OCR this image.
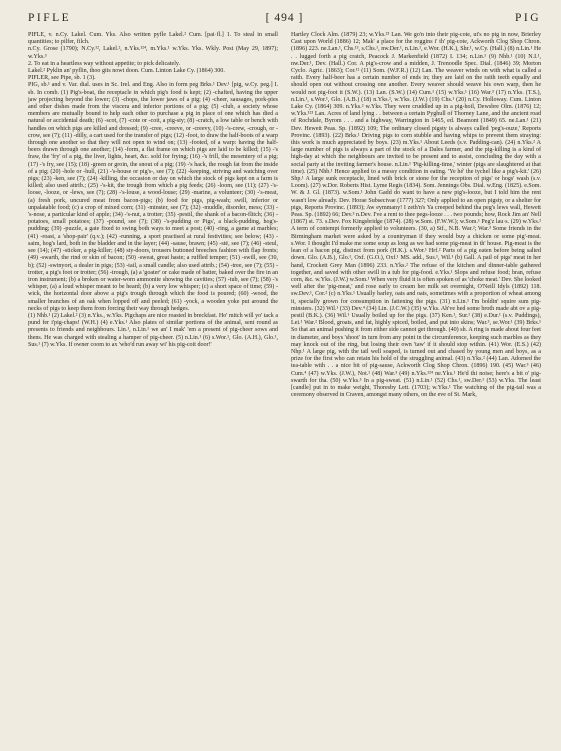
PIFLE	[ 494 ]	PIG
PIFLE, v. n.Cy. Lakel. Cum. Yks. Also written pyfle Lakel.² Cum. [pai·fl.] 1. To steal in small quantities; to pilfer, filch.
n.Cy. Grose (1790); N.Cy.¹², Lakel.², n.Yks.¹²⁴, m.Yks.¹ w.Yks. Yks. Wkly. Post (May 29, 1897); w.Yks.³
2. To eat in a heartless way without appetite; to pick delicately.
Lakel.² Pyklin an' pyflin, thoo gits nowt doon. Cum. Linton Lake Cy. (1864) 300.
PIFLER, see Pipe, sb. 1 (3).
PIG, sb.¹ and v. Var. dial. uses in Sc. Irel. and Eng. Also in form peg Brks.¹ Dev.¹ [pig, w.Cy. peg.] I. sb. In comb. (1) Pig's-boat, the receptacle in which pig's food is kept; (2) -chafted, having the upper jaw projecting beyond the lower; (3) -chops, the lower jaws of a pig; (4) -cheer, sausages, pork-pies and other dishes made from the viscera and inferior portions of a pig; (5) -club, a society whose members are mutually bound to help each other to purchase a pig in place of one which has died a natural or accidental death; (6) -scot, (7) -cote or -coit, a pig-sty; (8) -cratch, a low table or bench with handles on which pigs are killed and dressed; (9) -cree, -creeve, or -creevy, (10) -'s-crew, -crough, or -crow, see (7); (11) -dilly, a cart used for the transfer of pigs; (12) -foot, to draw the half-boots of a warp through one another so that they will not open to wind on; (13) -footed, of a warp: having the half-beers drawn through one another; (14) -form, a flat frame on which pigs are laid to be killed; (15) -'s fraw, the 'fry' of a pig, the liver, lights, heart, &c. sold for frying; (16) -'s frill, the mesentery of a pig; (17) -'s fry, see (15); (18) -green or groin, the snout of a pig; (19) -'s hack, the rough fat from the inside of a pig; (20) -hole or -hull, (21) -'s-house or pig's-, see (7); (22) -keeping, striving and watching over pigs; (23) -ken, see (7); (24) -killing, the occasion or day on which the stock of pigs kept on a farm is killed; also used attrib.; (25) -'s-kit, the trough from which a pig feeds; (26) -loom, see (11); (27) -'s-loose, -looze, or -lews, see (7); (28) -'s-louse, a wood-louse; (29) -marine, a volunteer; (30) -'s-meat, (a) fresh pork, uncured meat from bacon-pigs; (b) food for pigs, pig-wash; swill, inferior or unpalatable food; (c) a crop of mixed corn; (31) -minster, see (7); (32) -muddle, disorder, mess; (33) -'s-nose, a particular kind of apple; (34) -'s-nut, a trotter; (35) -pestil, the shank of a bacon-flitch; (36) -potatoes, small potatoes; (37) -pound, see (7); (38) -'s-pudding or Pigs', a black-pudding, hog's-pudding; (39) -puzzle, a gate fixed to swing both ways to meet a post; (40) -ring, a game at marbles; (41) -roast, a 'shop-pair' (q.v.); (42) -running, a sport practised at rural festivities; see below; (43) -saim, hog's lard, both in the bladder and in the layer; (44) -sause, brawn; (45) -stē, see (7); (46) -steul, see (14); (47) -sticker, a pig-killer; (48) sty-doors, trousers buttoned breeches fashion with flap fronts; (49) -swarth, the rind or skin of bacon; (50) -sweat, great haste; a ruffled temper; (51) -swill, see (30, b); (52) -swinyort, a dealer in pigs; (53) -tail, a small candle; also used attrib.; (54) -tree, see (7); (55) -trotter, a pig's foot or trotter; (56) -trough, (a) a 'goater' or cake made of batter, baked over the fire in an iron instrument; (b) a broken or water-worn ammonite showing the cavities; (57) -tub, see (7); (58) -'s whisper, (a) a loud whisper meant to be heard; (b) a very low whisper; (c) a short space of time; (59) -wick, the horizontal door above a pig's trough through which the food is poured; (60) -wood, the smaller branches of an oak when lopped off and peeled; (61) -yock, a wooden yoke put around the necks of pigs to keep them from forcing their way through hedges.
(1) Nhb.¹ (2) Lakel.² (3) n.Yks., w.Yks. Pigchaps are nice roasted in breckfast. Ho' mitch will yo' tack a pund fer i'pig-chaps! (W.H.) (4) e.Yks.¹ Also plates of similar portions of the animal, sent round as presents to friends and neighbours. Lin.¹, n.Lin.¹ we an' I mak' 'em a present of pig-cheer sows and thens. He was charged with stealing a hamper of pig-cheer. (5) n.Lin.¹ (6) s.Wor.¹, Glo. (A.H.), Glo.¹, Sus.¹ (7) w.Yks. If owner coom to ax 'who'd run away wi' his pig-coit door!'
Hartley Clock Alm. (1879) 23; w.Yks.²³ Lan. We go'n into their pig-cote, ut's no pig in now, Brierley Cast upon World (1886) 12; Mak' a place for the roggins i' th' pig-cote, Ackworth Clog Shop Chron. (1896) 223. ne.Lan.¹, Chs.¹³, s.Chs.¹, nw.Der.¹, n.Lin.¹, e.Wor. (H.K.), Shr.¹, w.Cy. (Hall.) (8) n.Lin.¹ He . . lugged forth a pig cratch, Peacock J. Markenfield (1872) I. 134; n.Lin.¹ (9) Nhb.¹ (10) N.I.¹, nw.Der.¹, Dev. (Hall.) Cor. A pig's-crow and a midden, J. Trenoodle Spec. Dial. (1846) 39; Morton Cyclo. Agric. (1863); Cor.¹² (11) Som. (W.F.R.) (12) Lan. The weaver winds on with what is called a raith. Every half-beer has a certain number of ends in; they are laid on the raith teeth equally and should open out without crossing one another. Every weaver should weave his own warp, then he would not pig-foot it (S.W.). (13) Lan. (S.W.) (14) Cum.¹ (15) w.Yks.¹ (16) War.³ (17) n.Yks. (T.S.), n.Lin.¹, s.Wor.¹, Glo. (A.B.) (18) n.Yks.², w.Yks. (J.W.) (19) Chs.¹ (20) n.Cy. Holloway. Cum. Linton Lake Cy. (1864) 309. n.Yks.² w.Yks. They were cruddled up in a pig-hoil, Dewsbre Olm. (1876) 12; w.Yks.¹²³ Lan. Acres of land lying . . between a certain Pyghull of Thorney Lane, and the ancient road of Rochdale, Byrom . . . and a highway, Warrington in 1465, ed. Beamont (1849) 65. ne.Lan.¹ (21) Dev. Hewett Peas. Sp. (1892) 109; The ordinary closed pigsty is always called 'peg's-ouze,' Reports Provinc. (1893). (22) Brks.¹ Driving pigs to corn stubble and having whips to prevent them straying: this work is much appreciated by boys. (23) m.Yks.¹ About Leeds (s.v. Padding-can). (24) n.Yks.² A large number of pigs is always a part of the stock of a Dales farmer, and the pig-killing is a kind of high-day at which the neighbours are invited to be present and to assist, concluding the day with a social party at the inviting farmer's house. n.Lin.¹ 'Pig-killing-time,' winter (pigs are slaughtered at that time). (25) Nhb.¹ Hence applied to a messy condition in eating. 'Ye hé' the tychel like a pig's-kit.' (26) Shp.¹ A large sunk receptacle, lined with brick or stone for the reception of pigs' or hogs' wash (s.v. Loom). (27) w.Dor. Roberts Hist. Lyme Regis (1834). Som. Jennings Obs. Dial. w.Eng. (1825). e.Som. W. & J. Gl. (1873). w.Som.¹ John Gadd do want to have a new pig's-looze, but I told him the rent wasn't low already. Dev. Horae Subsecivae (1777) 327; Only applied to an open pigsty, or a shelter for pigs, Reports Provinc. (1893); Aw eymmany! I zeth'n's Ya creeped behind tha peg's lews wall, Hewett Peas. Sp. (1892) 66; Dev.³ n.Dev. I've a rent to thee pegs-looze . . . two pounds; how, Rock Jim an' Nell (1867) st. 73. s.Dev. Fox Kingsbridge (1874). (28) w.Som. (F.W.W.); w.Som.¹ Peg'z lau·s. (29) w.Yks.² A term of contempt formerly applied to volunteers. (30, a) Stf., N.B. War.²; War.³ Some friends in the Birmingham market were asked by a countryman if they would buy a chicken or some pig'-meat. s.Wor. I thought I'd make me some soup as long as we had some pig-meat in th' house. Pig-meat is the lean of a bacon pig, distinct from pork (H.K.). s.Wor.¹ Hrf.² Parts of a pig eaten before being salted down. Glo. (A.B.), Glo.¹, Oxf. (G.O.), Oxf.¹ MS. add., Sus.¹, Wil.¹ (b) Gall. A pail of pigs' meat in her hand, Crockett Grey Man (1896) 233. n.Yks.² The refuse of the kitchen and dinner-table gathered together, and saved with other swill in a tub for pig-food. e.Yks.¹ Slops and refuse food; bran, refuse corn, &c. w.Yks. (J.W.) w.Som.¹ When very fluid it is often spoken of as 'choke meat.' Dev. She looked well after the 'pig-meat,' and rose early to cream her milk set overnight, O'Neill Idyls (1892) 118. sw.Dev.¹, Cor.² (c) n.Yks.¹ Usually barley, oats and oats, sometimes with a proportion of wheat among it, specially grown for consumption in fattening the pigs. (31) n.Lin.¹ I'm boldin' squire sum pig-minsters. (32) Wil.¹ (33) Dev.⁴ (34) Lin. (J.C.W.) (35) w.Yks. Ah've hed some broth made abt ov a pig-pestil (B.K.). (36) Wil.¹ Usually boiled up for the pigs. (37) Ken.¹, Sur.¹ (38) e.Dur.¹ (s.v. Puddings), Lei.¹ War.² Blood, groats, and fat, highly spiced, boiled, and put into skins; War.³, se.Wor.¹ (39) Brks.¹ So that an animal pushing it from either side cannot get through. (40) sh. A ring is made about four feet in diameter, and boys 'shoot' in turn from any point in the circumference, keeping such marbles as they may knock out of the ring, but losing their own 'taw' if it should stop within. (41) Wor. (E.S.) (42) Nhp.¹ A large pig, with the tail well soaped, is turned out and chased by young men and boys, as a prize for the first who can retain his hold of the struggling animal. (43) n.Yks.² (44) Lan. Adorned the tea-table with . . a nice bit of pig-sause, Ackworth Clog Shop Chron. (1896) 190. (45) War.³ (46) Cum.⁴ (47) w.Yks. (J.W.), Not.¹ (48) War.³ (49) n.Yks.¹²⁴ ne.Yks.¹ He'd thi noise; here's a bit o' pig-swarth for tha. (50) w.Yks.³ In a pig-sweat. (51) n.Lin.¹ (52) Chs.¹, sw.Der.¹ (53) w.Yks. The least [candle] put in to make weight, Thoresby Lett. (1703); w.Yks.¹ The watching of the pig-tail was a ceremony observed in Craven, amongst many others, on the eve of St. Mark,
